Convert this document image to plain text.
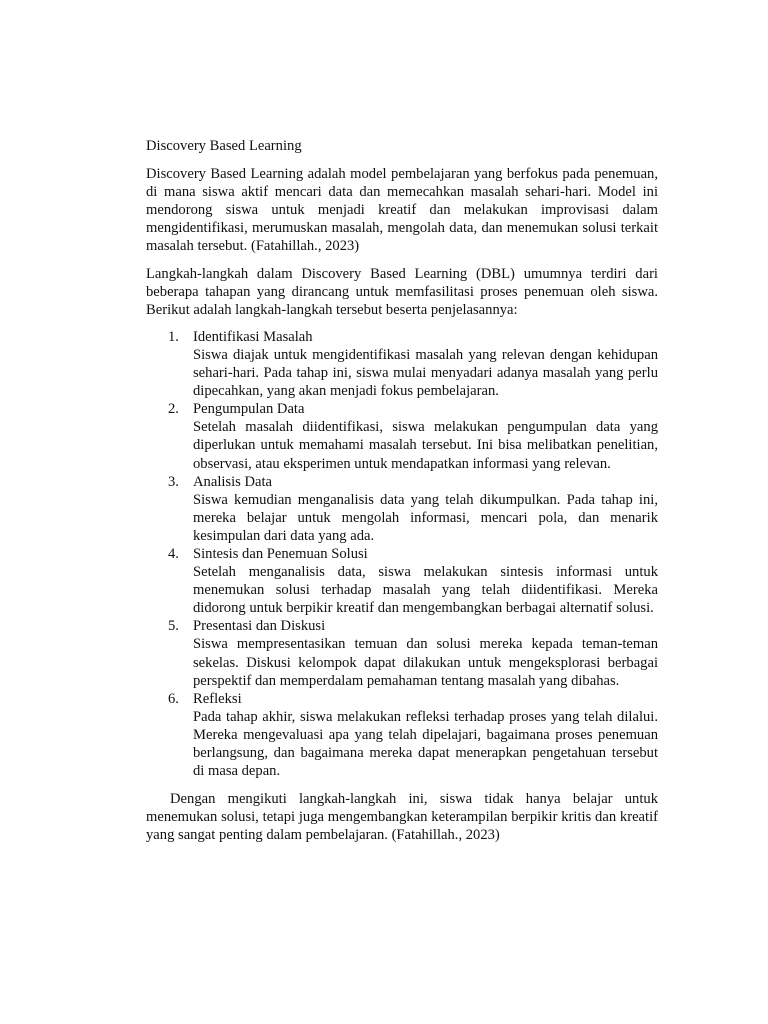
Discovery Based Learning

Discovery Based Learning adalah model pembelajaran yang berfokus pada penemuan, di mana siswa aktif mencari data dan memecahkan masalah sehari-hari. Model ini mendorong siswa untuk menjadi kreatif dan melakukan improvisasi dalam mengidentifikasi, merumuskan masalah, mengolah data, dan menemukan solusi terkait masalah tersebut. (Fatahillah., 2023)

Langkah-langkah dalam Discovery Based Learning (DBL) umumnya terdiri dari beberapa tahapan yang dirancang untuk memfasilitasi proses penemuan oleh siswa. Berikut adalah langkah-langkah tersebut beserta penjelasannya:

1. Identifikasi Masalah
Siswa diajak untuk mengidentifikasi masalah yang relevan dengan kehidupan sehari-hari. Pada tahap ini, siswa mulai menyadari adanya masalah yang perlu dipecahkan, yang akan menjadi fokus pembelajaran.
2. Pengumpulan Data
Setelah masalah diidentifikasi, siswa melakukan pengumpulan data yang diperlukan untuk memahami masalah tersebut. Ini bisa melibatkan penelitian, observasi, atau eksperimen untuk mendapatkan informasi yang relevan.
3. Analisis Data
Siswa kemudian menganalisis data yang telah dikumpulkan. Pada tahap ini, mereka belajar untuk mengolah informasi, mencari pola, dan menarik kesimpulan dari data yang ada.
4. Sintesis dan Penemuan Solusi
Setelah menganalisis data, siswa melakukan sintesis informasi untuk menemukan solusi terhadap masalah yang telah diidentifikasi. Mereka didorong untuk berpikir kreatif dan mengembangkan berbagai alternatif solusi.
5. Presentasi dan Diskusi
Siswa mempresentasikan temuan dan solusi mereka kepada teman-teman sekelas. Diskusi kelompok dapat dilakukan untuk mengeksplorasi berbagai perspektif dan memperdalam pemahaman tentang masalah yang dibahas.
6. Refleksi
Pada tahap akhir, siswa melakukan refleksi terhadap proses yang telah dilalui. Mereka mengevaluasi apa yang telah dipelajari, bagaimana proses penemuan berlangsung, dan bagaimana mereka dapat menerapkan pengetahuan tersebut di masa depan.

Dengan mengikuti langkah-langkah ini, siswa tidak hanya belajar untuk menemukan solusi, tetapi juga mengembangkan keterampilan berpikir kritis dan kreatif yang sangat penting dalam pembelajaran. (Fatahillah., 2023)
